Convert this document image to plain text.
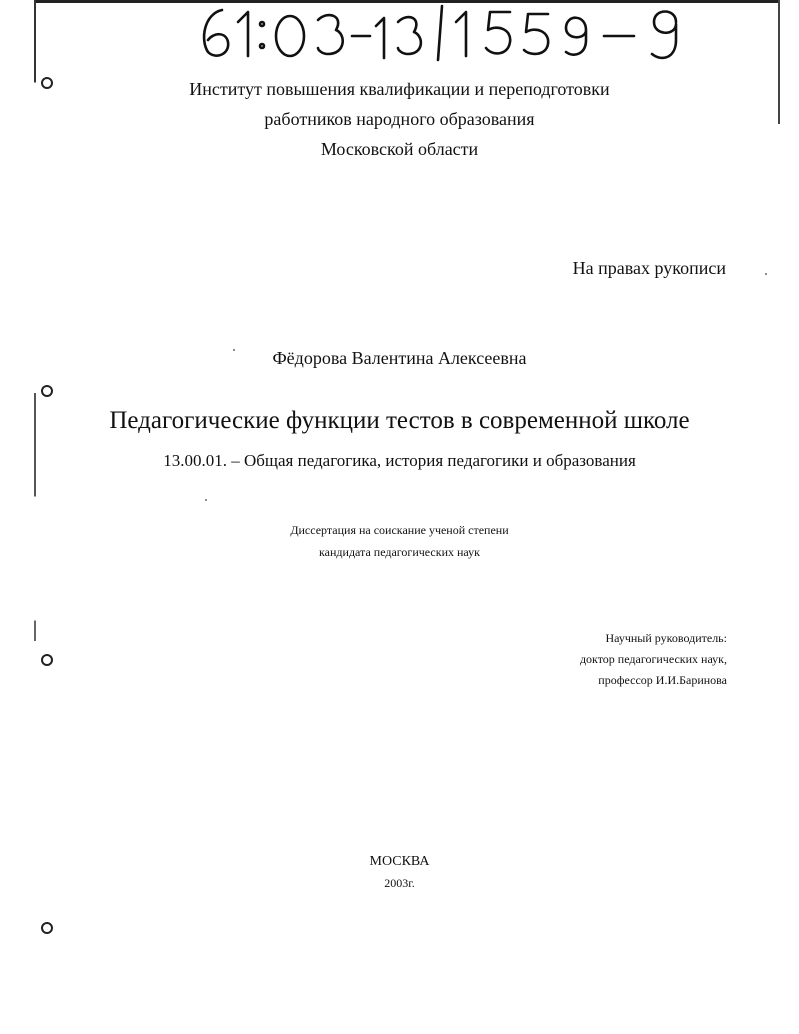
Институт повышения квалификации и переподготовки
работников народного образования
Московской области
На правах рукописи
Фёдорова Валентина Алексеевна
Педагогические функции тестов в современной школе
13.00.01. – Общая педагогика, история педагогики и образования
Диссертация на соискание ученой степени
кандидата педагогических наук
Научный руководитель:
доктор педагогических наук,
профессор И.И.Баринова
МОСКВА
2003г.
